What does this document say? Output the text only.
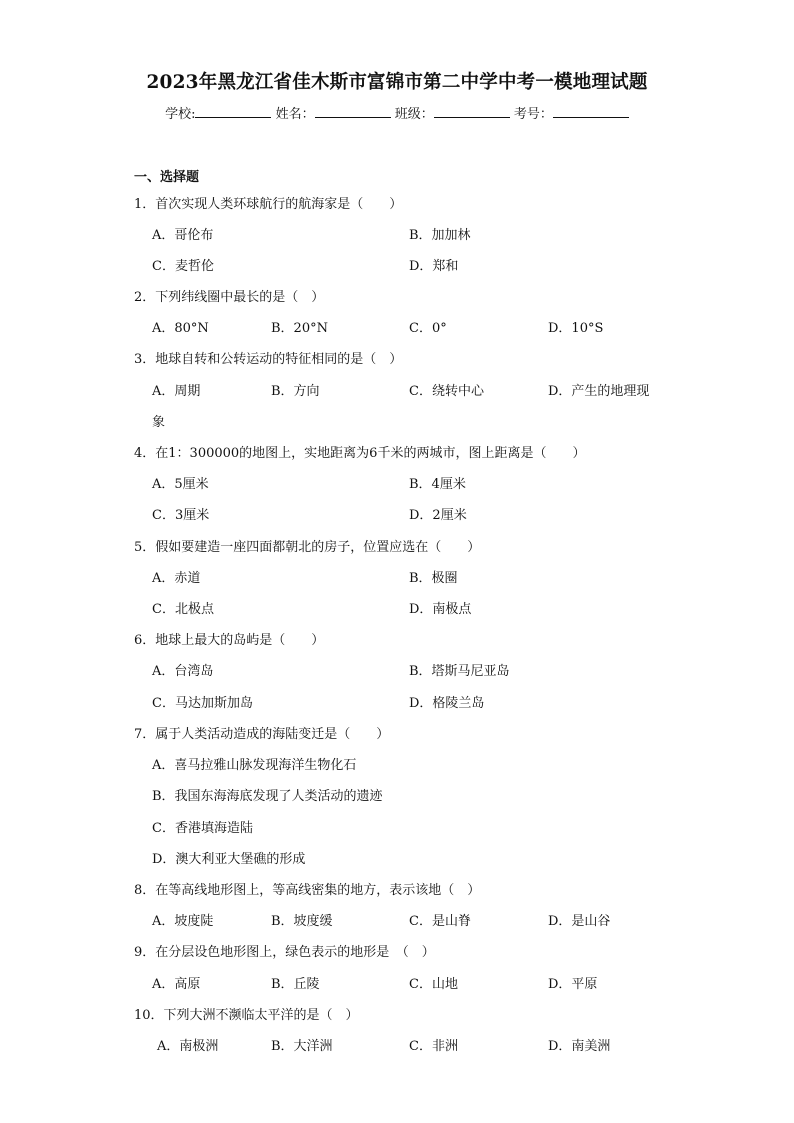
2023年黑龙江省佳木斯市富锦市第二中学中考一模地理试题
学校:	姓名：	班级：	考号：
一、选择题
1．首次实现人类环球航行的航海家是（　　）
A．哥伦布	B．加加林
C．麦哲伦	D．郑和
2．下列纬线圈中最长的是（　）
A．80°N	B．20°N	C．0°	D．10°S
3．地球自转和公转运动的特征相同的是（　）
A．周期	B．方向	C．绕转中心	D．产生的地理现
象
4．在1：300000的地图上，实地距离为6千米的两城市，图上距离是（　　）
A．5厘米	B．4厘米
C．3厘米	D．2厘米
5．假如要建造一座四面都朝北的房子，位置应选在（　　）
A．赤道	B．极圈
C．北极点	D．南极点
6．地球上最大的岛屿是（　　）
A．台湾岛	B．塔斯马尼亚岛
C．马达加斯加岛	D．格陵兰岛
7．属于人类活动造成的海陆变迁是（　　）
A．喜马拉雅山脉发现海洋生物化石
B．我国东海海底发现了人类活动的遗迹
C．香港填海造陆
D．澳大利亚大堡礁的形成
8．在等高线地形图上，等高线密集的地方，表示该地（　）
A．坡度陡	B．坡度缓	C．是山脊	D．是山谷
9．在分层设色地形图上，绿色表示的地形是　（　）
A．高原	B．丘陵	C．山地	D．平原
10．下列大洲不濒临太平洋的是（　）
A．南极洲	B．大洋洲	C．非洲	D．南美洲
